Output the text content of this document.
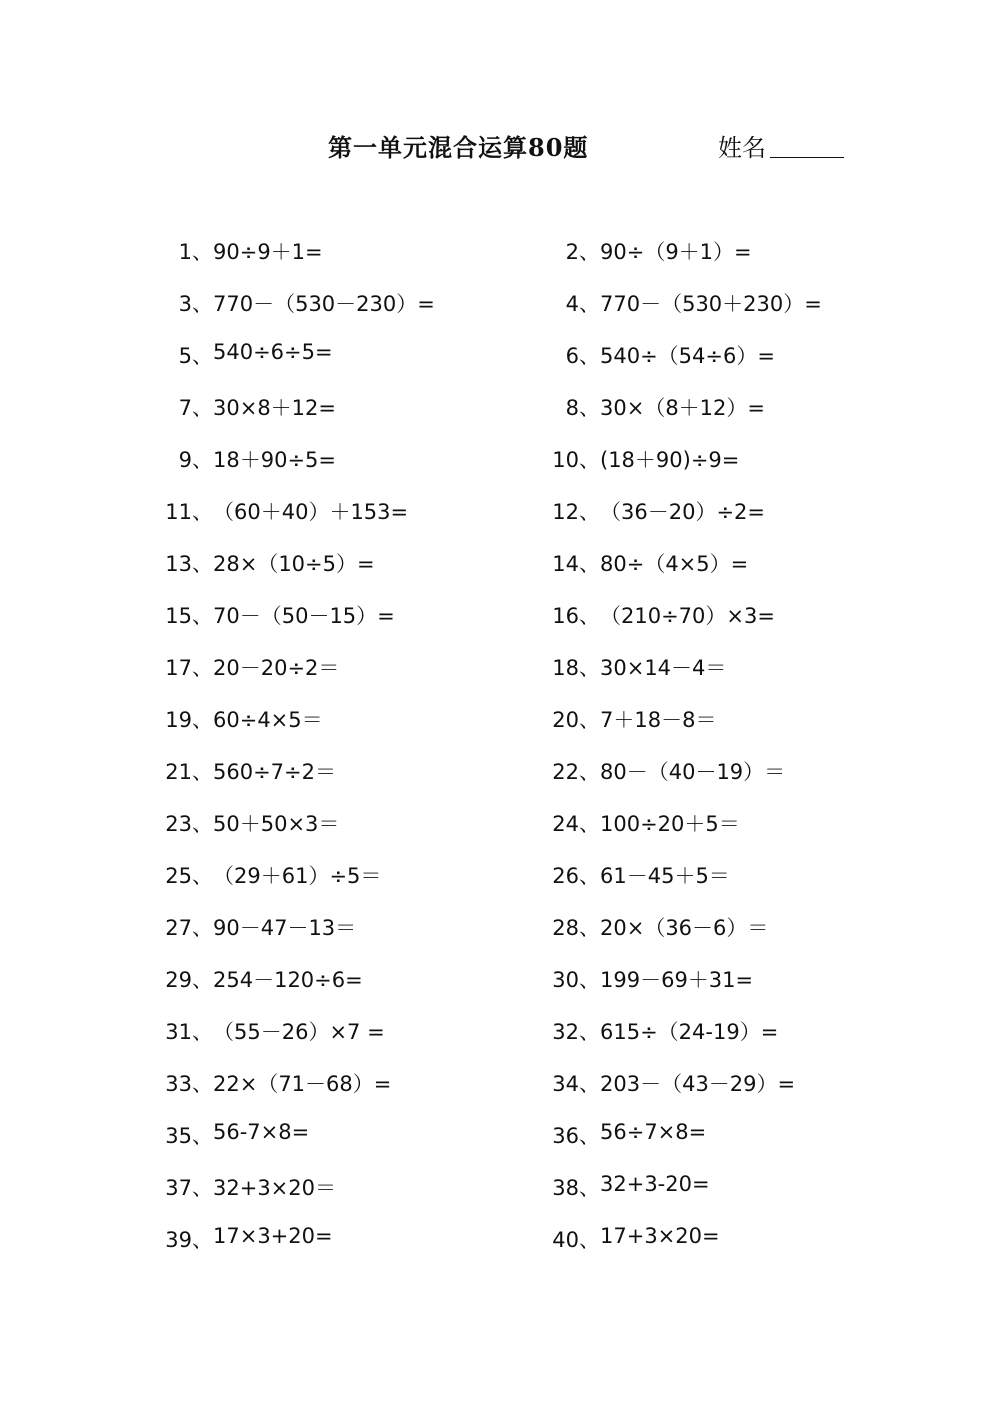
第一单元混合运算80题	姓名
1、 90÷9＋1=	2、 90÷（9＋1）=
3、 770－（530－230）=	4、 770－（530＋230）=
5、 540÷6÷5=	6、 540÷（54÷6）=
7、 30×8＋12=	8、 30×（8＋12）=
9、 18＋90÷5=	10、 (18＋90)÷9=
11、 （60＋40）＋153=	12、 （36－20）÷2=
13、 28×（10÷5）=	14、 80÷（4×5）=
15、 70－（50－15）=	16、 （210÷70）×3=
17、 20－20÷2＝	18、 30×14－4＝
19、 60÷4×5＝	20、 7＋18－8＝
21、 560÷7÷2＝	22、 80－（40－19）＝
23、 50＋50×3＝	24、 100÷20＋5＝
25、 （29＋61）÷5＝	26、 61－45＋5＝
27、 90－47－13＝	28、 20×（36－6）＝
29、 254－120÷6=	30、 199－69＋31=
31、 （55－26）×7 =	32、 615÷（24-19）=
33、 22×（71－68）=	34、 203－（43－29）=
35、 56-7×8=	36、 56÷7×8=
37、 32+3×20＝	38、 32+3-20=
39、 17×3+20=	40、 17+3×20=
